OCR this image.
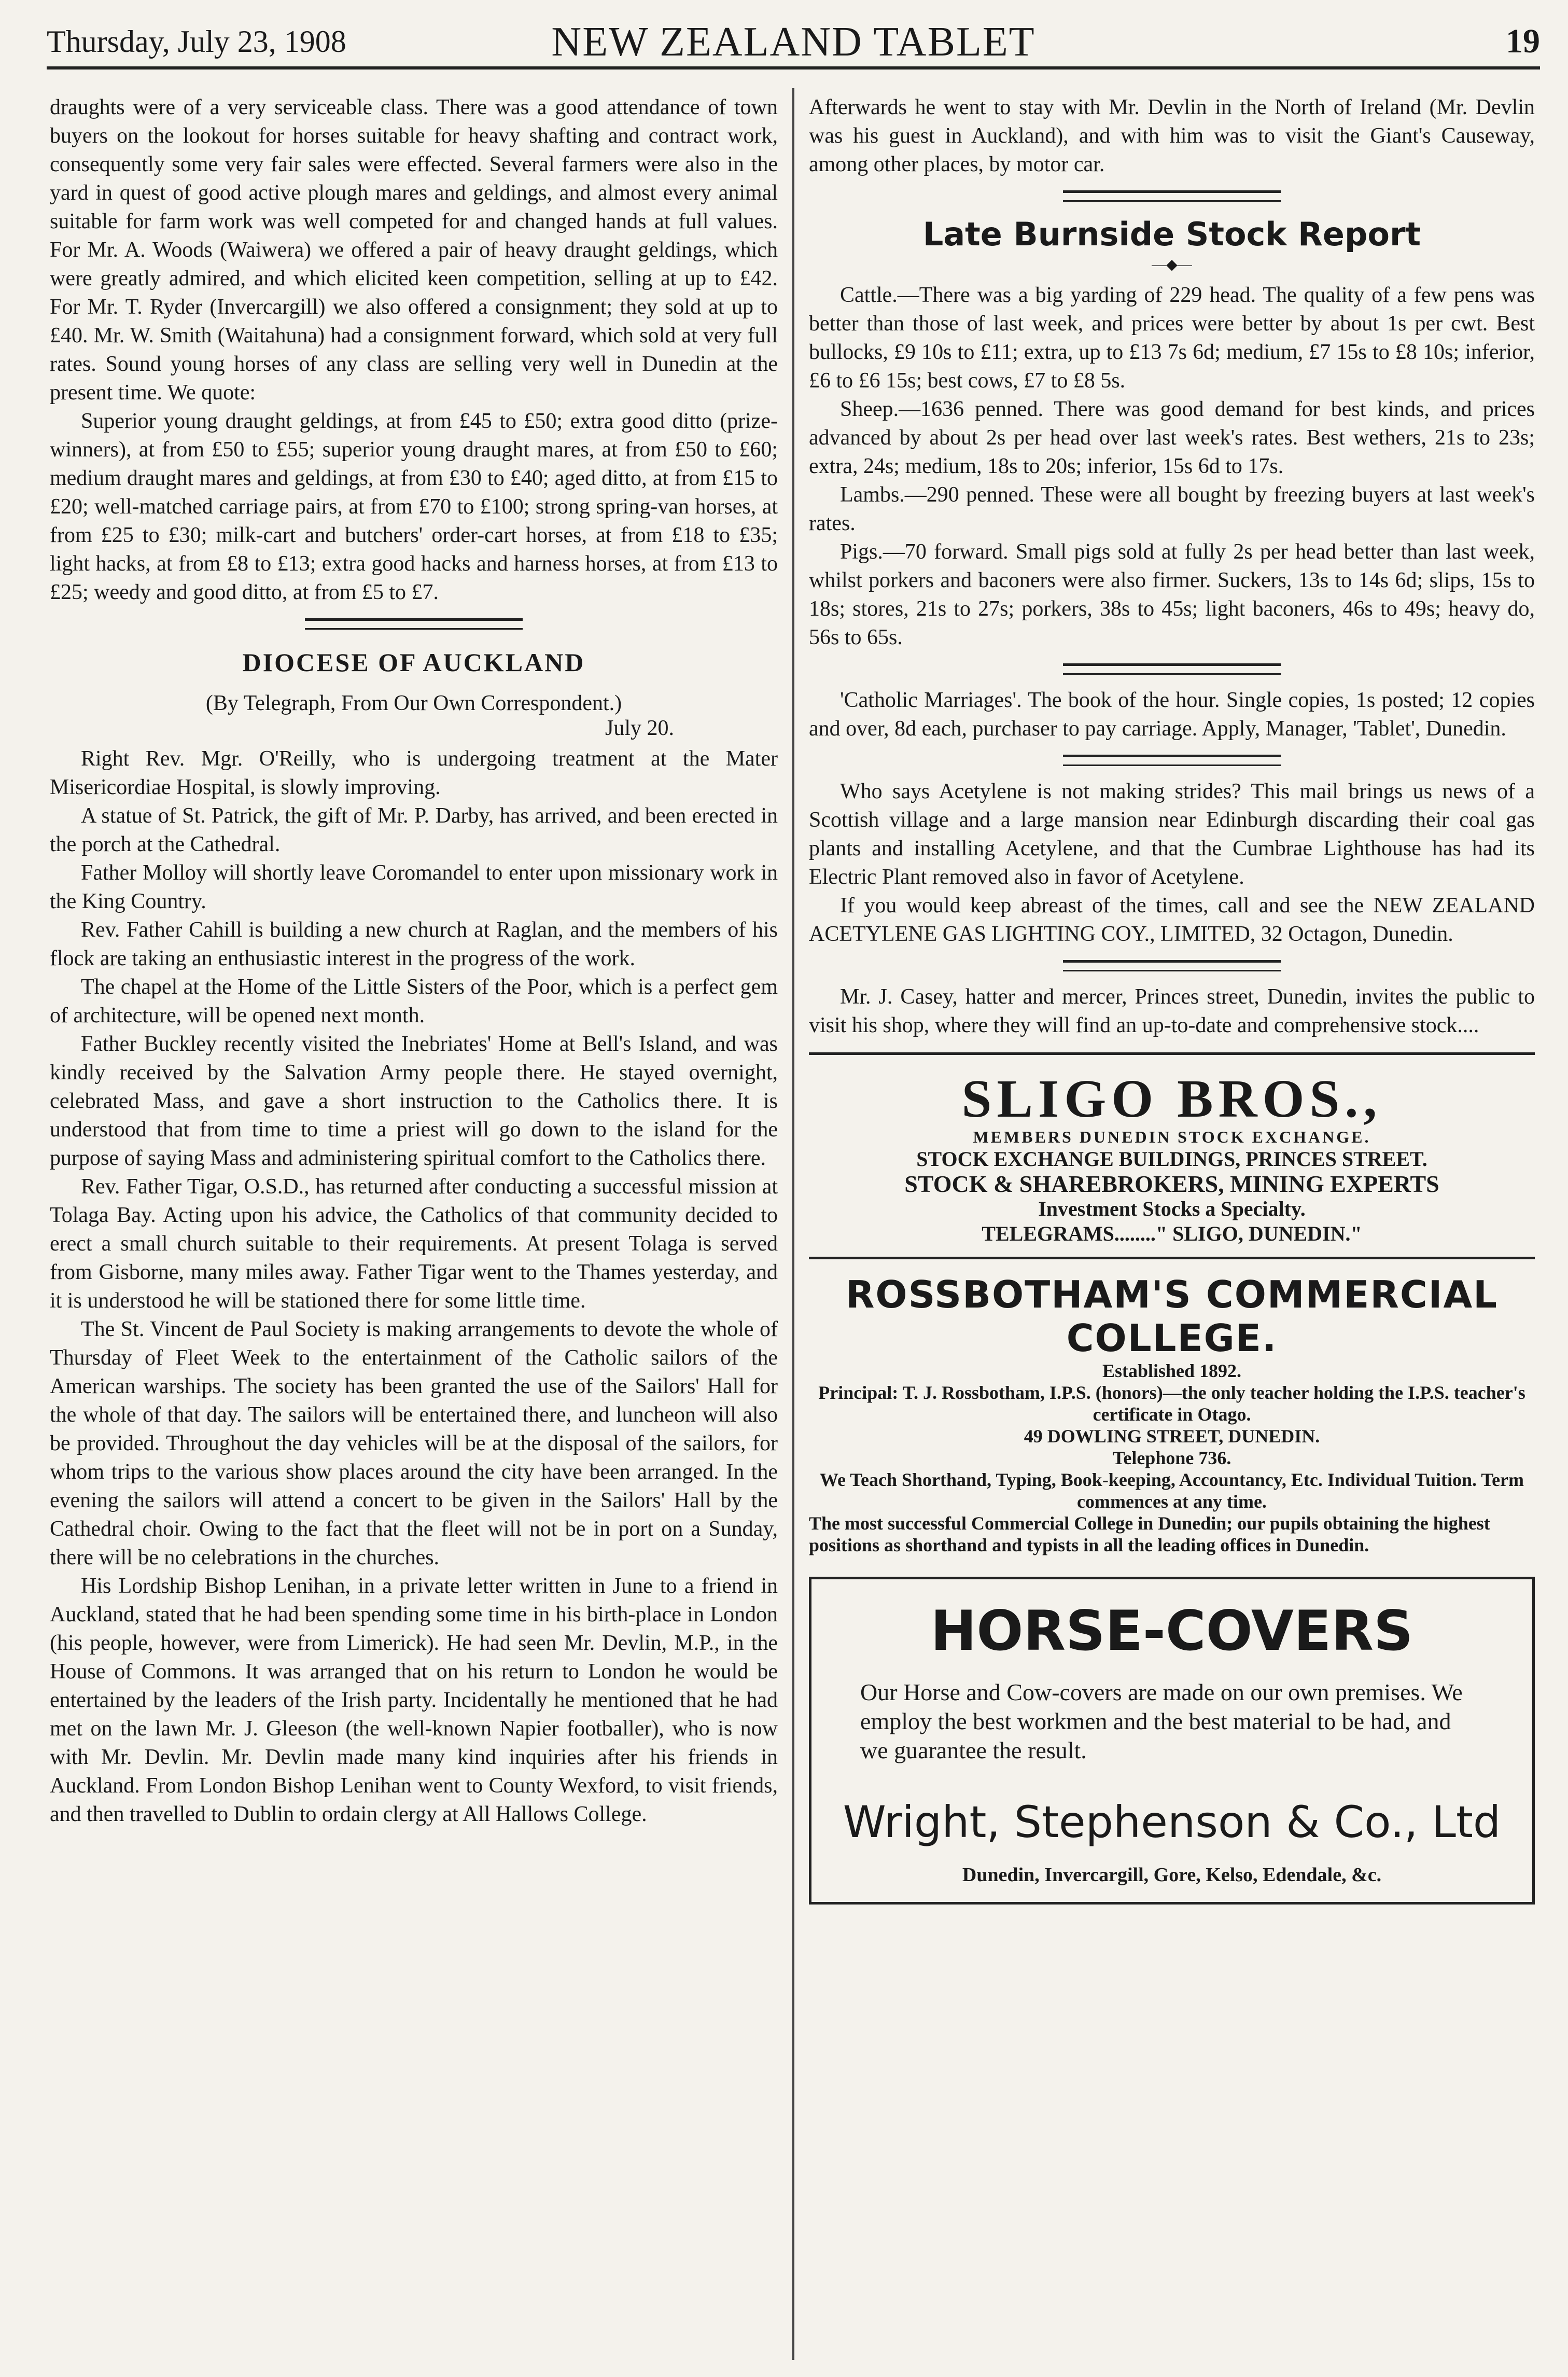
Thursday, July 23, 1908	NEW ZEALAND TABLET	19

draughts were of a very serviceable class. There was a good attendance of town buyers on the lookout for horses suitable for heavy shafting and contract work, consequently some very fair sales were effected. Several farmers were also in the yard in quest of good active plough mares and geldings, and almost every animal suitable for farm work was well competed for and changed hands at full values. For Mr. A. Woods (Waiwera) we offered a pair of heavy draught geldings, which were greatly admired, and which elicited keen competition, selling at up to £42. For Mr. T. Ryder (Invercargill) we also offered a consignment; they sold at up to £40. Mr. W. Smith (Waitahuna) had a consignment forward, which sold at very full rates. Sound young horses of any class are selling very well in Dunedin at the present time. We quote:

Superior young draught geldings, at from £45 to £50; extra good ditto (prize-winners), at from £50 to £55; superior young draught mares, at from £50 to £60; medium draught mares and geldings, at from £30 to £40; aged ditto, at from £15 to £20; well-matched carriage pairs, at from £70 to £100; strong spring-van horses, at from £25 to £30; milk-cart and butchers' order-cart horses, at from £18 to £35; light hacks, at from £8 to £13; extra good hacks and harness horses, at from £13 to £25; weedy and good ditto, at from £5 to £7.

DIOCESE OF AUCKLAND
(By Telegraph, From Our Own Correspondent.)
July 20.

Right Rev. Mgr. O'Reilly, who is undergoing treatment at the Mater Misericordiae Hospital, is slowly improving.

A statue of St. Patrick, the gift of Mr. P. Darby, has arrived, and been erected in the porch at the Cathedral.

Father Molloy will shortly leave Coromandel to enter upon missionary work in the King Country.

Rev. Father Cahill is building a new church at Raglan, and the members of his flock are taking an enthusiastic interest in the progress of the work.

The chapel at the Home of the Little Sisters of the Poor, which is a perfect gem of architecture, will be opened next month.

Father Buckley recently visited the Inebriates' Home at Bell's Island, and was kindly received by the Salvation Army people there. He stayed overnight, celebrated Mass, and gave a short instruction to the Catholics there. It is understood that from time to time a priest will go down to the island for the purpose of saying Mass and administering spiritual comfort to the Catholics there.

Rev. Father Tigar, O.S.D., has returned after conducting a successful mission at Tolaga Bay. Acting upon his advice, the Catholics of that community decided to erect a small church suitable to their requirements. At present Tolaga is served from Gisborne, many miles away. Father Tigar went to the Thames yesterday, and it is understood he will be stationed there for some little time.

The St. Vincent de Paul Society is making arrangements to devote the whole of Thursday of Fleet Week to the entertainment of the Catholic sailors of the American warships. The society has been granted the use of the Sailors' Hall for the whole of that day. The sailors will be entertained there, and luncheon will also be provided. Throughout the day vehicles will be at the disposal of the sailors, for whom trips to the various show places around the city have been arranged. In the evening the sailors will attend a concert to be given in the Sailors' Hall by the Cathedral choir. Owing to the fact that the fleet will not be in port on a Sunday, there will be no celebrations in the churches.

His Lordship Bishop Lenihan, in a private letter written in June to a friend in Auckland, stated that he had been spending some time in his birth-place in London (his people, however, were from Limerick). He had seen Mr. Devlin, M.P., in the House of Commons. It was arranged that on his return to London he would be entertained by the leaders of the Irish party. Incidentally he mentioned that he had met on the lawn Mr. J. Gleeson (the well-known Napier footballer), who is now with Mr. Devlin. Mr. Devlin made many kind inquiries after his friends in Auckland. From London Bishop Lenihan went to County Wexford, to visit friends, and then travelled to Dublin to ordain clergy at All Hallows College.

Afterwards he went to stay with Mr. Devlin in the North of Ireland (Mr. Devlin was his guest in Auckland), and with him was to visit the Giant's Causeway, among other places, by motor car.

Late Burnside Stock Report
—◆—

Cattle.—There was a big yarding of 229 head. The quality of a few pens was better than those of last week, and prices were better by about 1s per cwt. Best bullocks, £9 10s to £11; extra, up to £13 7s 6d; medium, £7 15s to £8 10s; inferior, £6 to £6 15s; best cows, £7 to £8 5s.

Sheep.—1636 penned. There was good demand for best kinds, and prices advanced by about 2s per head over last week's rates. Best wethers, 21s to 23s; extra, 24s; medium, 18s to 20s; inferior, 15s 6d to 17s.

Lambs.—290 penned. These were all bought by freezing buyers at last week's rates.

Pigs.—70 forward. Small pigs sold at fully 2s per head better than last week, whilst porkers and baconers were also firmer. Suckers, 13s to 14s 6d; slips, 15s to 18s; stores, 21s to 27s; porkers, 38s to 45s; light baconers, 46s to 49s; heavy do, 56s to 65s.

'Catholic Marriages'. The book of the hour. Single copies, 1s posted; 12 copies and over, 8d each, purchaser to pay carriage. Apply, Manager, 'Tablet', Dunedin.

Who says Acetylene is not making strides? This mail brings us news of a Scottish village and a large mansion near Edinburgh discarding their coal gas plants and installing Acetylene, and that the Cumbrae Lighthouse has had its Electric Plant removed also in favor of Acetylene.

If you would keep abreast of the times, call and see the NEW ZEALAND ACETYLENE GAS LIGHTING COY., LIMITED, 32 Octagon, Dunedin.

Mr. J. Casey, hatter and mercer, Princes street, Dunedin, invites the public to visit his shop, where they will find an up-to-date and comprehensive stock....

SLIGO BROS.,
MEMBERS DUNEDIN STOCK EXCHANGE.
STOCK EXCHANGE BUILDINGS, PRINCES STREET.
STOCK & SHAREBROKERS, MINING EXPERTS
Investment Stocks a Specialty.
TELEGRAMS........" SLIGO, DUNEDIN."
ROSSBOTHAM'S COMMERCIAL COLLEGE.

Established 1892.

Principal: T. J. Rossbotham, I.P.S. (honors)—the only teacher holding the I.P.S. teacher's certificate in Otago.

49 DOWLING STREET, DUNEDIN.

Telephone 736.

We Teach Shorthand, Typing, Book-keeping, Accountancy, Etc. Individual Tuition. Term commences at any time.

The most successful Commercial College in Dunedin; our pupils obtaining the highest positions as shorthand and typists in all the leading offices in Dunedin.

HORSE-COVERS
Our Horse and Cow-covers are made on our own premises. We employ the best workmen and the best material to be had, and we guarantee the result.
Wright, Stephenson & Co., Ltd
Dunedin, Invercargill, Gore, Kelso, Edendale, &c.
